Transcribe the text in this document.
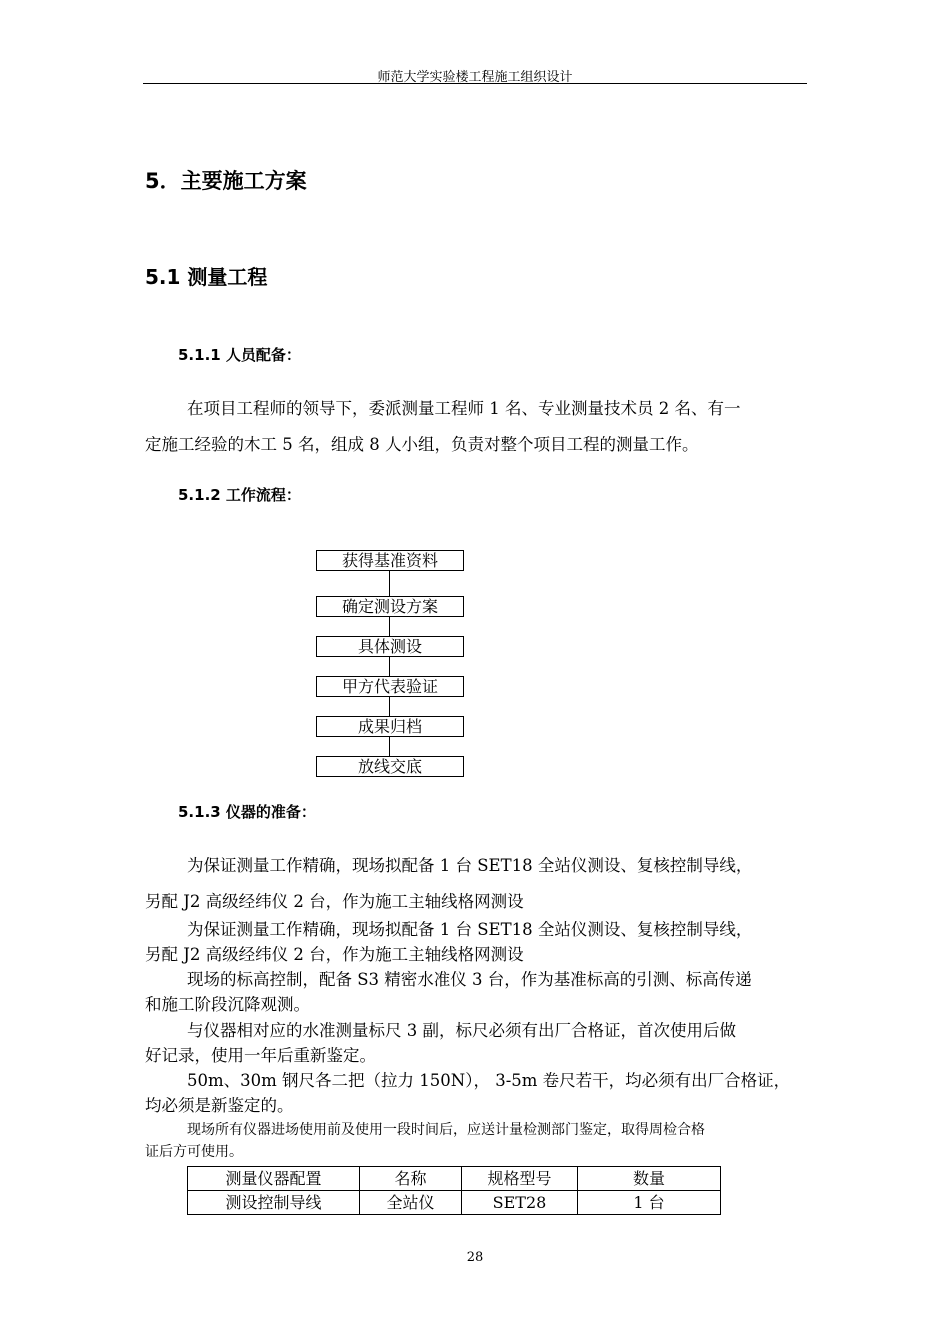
师范大学实验楼工程施工组织设计
5．主要施工方案
5.1 测量工程
5.1.1 人员配备：
在项目工程师的领导下，委派测量工程师 1 名、专业测量技术员 2 名、有一
定施工经验的木工 5 名，组成 8 人小组，负责对整个项目工程的测量工作。
5.1.2 工作流程：
获得基准资料
确定测设方案
具体测设
甲方代表验证
成果归档
放线交底
5.1.3 仪器的准备：
为保证测量工作精确，现场拟配备 1 台 SET18 全站仪测设、复核控制导线，
另配 J2 高级经纬仪 2 台，作为施工主轴线格网测设
为保证测量工作精确，现场拟配备 1 台 SET18 全站仪测设、复核控制导线，
另配 J2 高级经纬仪 2 台，作为施工主轴线格网测设
现场的标高控制，配备 S3 精密水准仪 3 台，作为基准标高的引测、标高传递
和施工阶段沉降观测。
与仪器相对应的水准测量标尺 3 副，标尺必须有出厂合格证，首次使用后做
好记录，使用一年后重新鉴定。
50m、30m 钢尺各二把（拉力 150N）， 3-5m 卷尺若干，均必须有出厂合格证，
均必须是新鉴定的。
现场所有仪器进场使用前及使用一段时间后，应送计量检测部门鉴定，取得周检合格
证后方可使用。
测量仪器配置	名称	规格型号	数量
测设控制导线	全站仪	SET28	1 台
28
